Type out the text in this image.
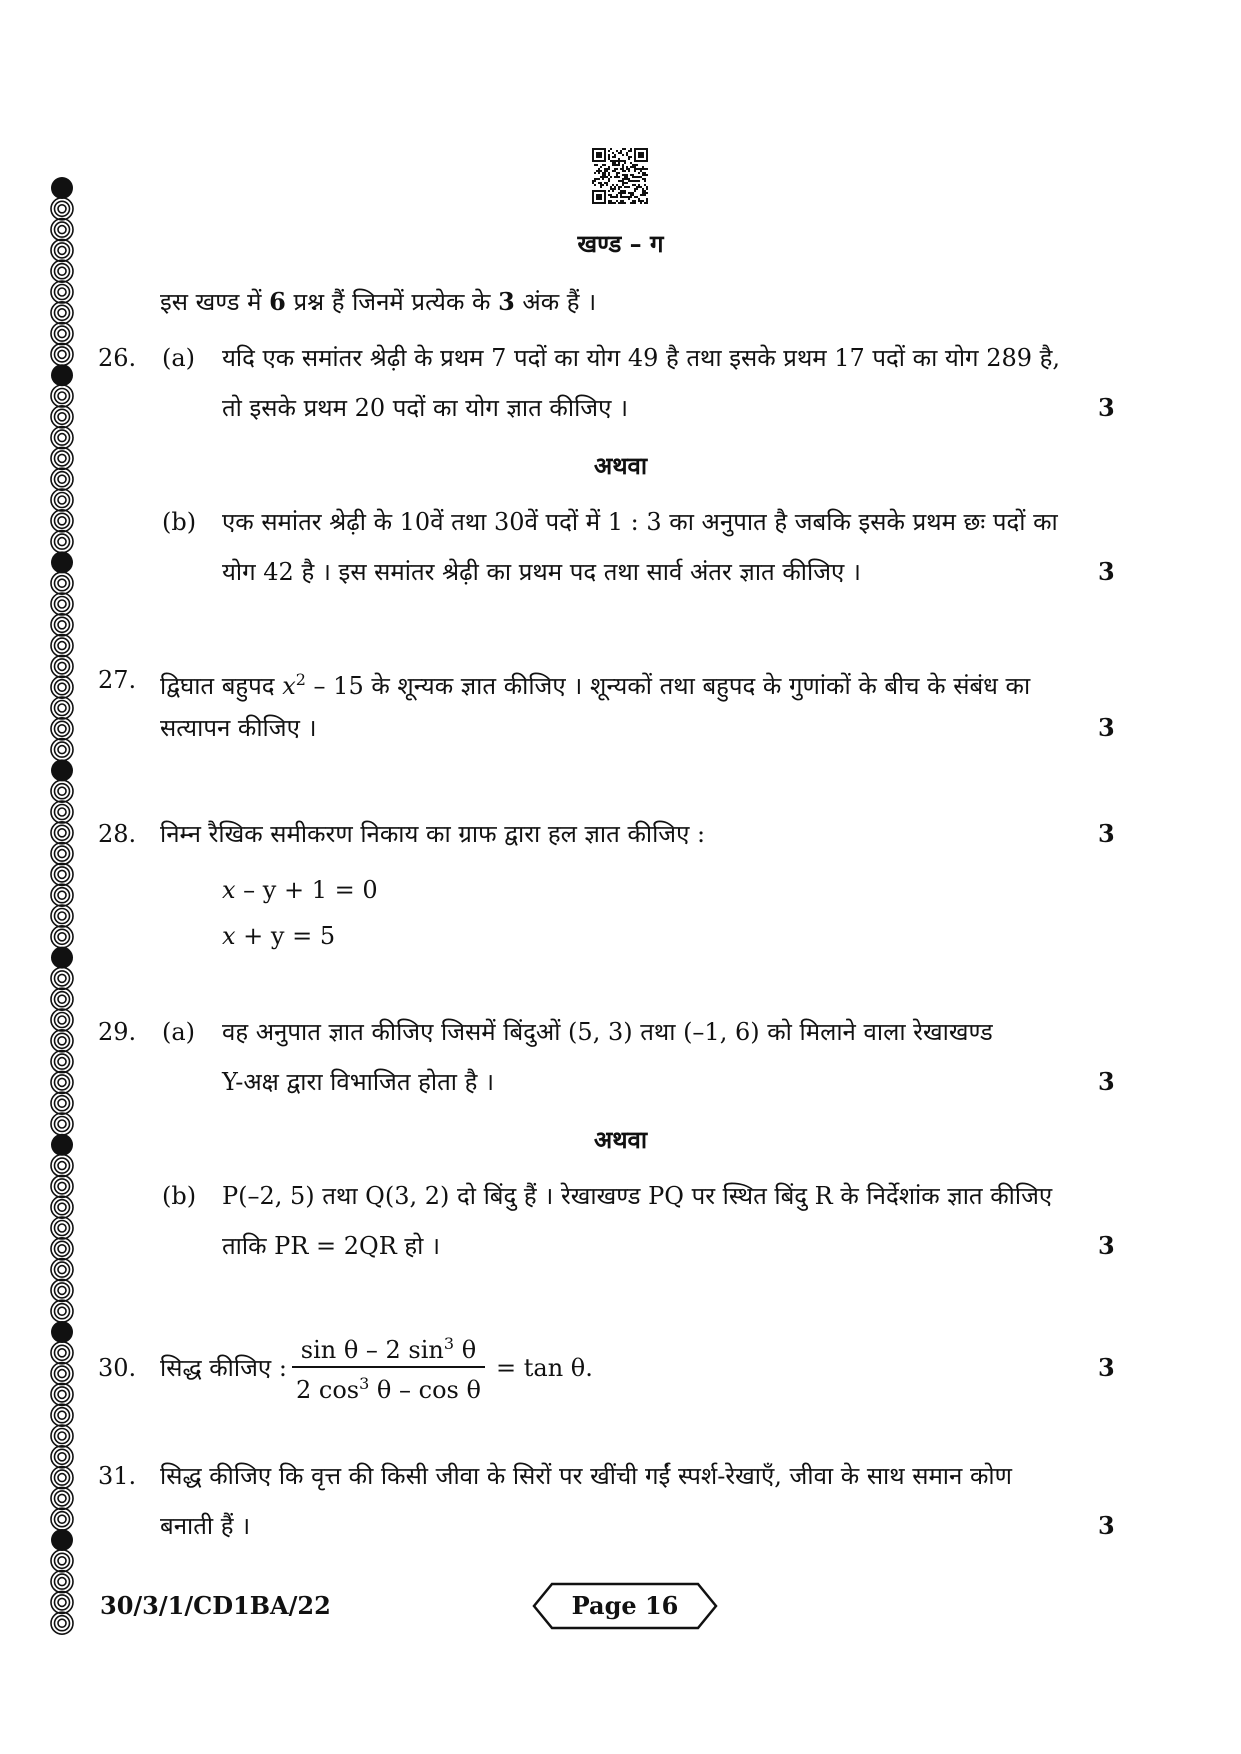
खण्ड – ग
इस खण्ड में 6 प्रश्न हैं जिनमें प्रत्येक के 3 अंक हैं ।
26. (a) यदि एक समांतर श्रेढ़ी के प्रथम 7 पदों का योग 49 है तथा इसके प्रथम 17 पदों का योग 289 है,
तो इसके प्रथम 20 पदों का योग ज्ञात कीजिए ।	3
अथवा
(b) एक समांतर श्रेढ़ी के 10वें तथा 30वें पदों में 1 : 3 का अनुपात है जबकि इसके प्रथम छः पदों का
योग 42 है । इस समांतर श्रेढ़ी का प्रथम पद तथा सार्व अंतर ज्ञात कीजिए ।	3
27. द्विघात बहुपद $x^2 - 15$ के शून्यक ज्ञात कीजिए । शून्यकों तथा बहुपद के गुणांकों के बीच के संबंध का
सत्यापन कीजिए ।	3
28. निम्न रैखिक समीकरण निकाय का ग्राफ द्वारा हल ज्ञात कीजिए :	3
x – y + 1 = 0
x + y = 5
29. (a) वह अनुपात ज्ञात कीजिए जिसमें बिंदुओं (5, 3) तथा (–1, 6) को मिलाने वाला रेखाखण्ड
Y-अक्ष द्वारा विभाजित होता है ।	3
अथवा
(b) P(–2, 5) तथा Q(3, 2) दो बिंदु हैं । रेखाखण्ड PQ पर स्थित बिंदु R के निर्देशांक ज्ञात कीजिए
ताकि PR = 2QR हो ।	3
30. सिद्ध कीजिए : $\frac{\sin \theta - 2 \sin^3 \theta}{2 \cos^3 \theta - \cos \theta} = \tan \theta$.	3
31. सिद्ध कीजिए कि वृत्त की किसी जीवा के सिरों पर खींची गईं स्पर्श-रेखाएँ, जीवा के साथ समान कोण
बनाती हैं ।	3
30/3/1/CD1BA/22	Page 16
